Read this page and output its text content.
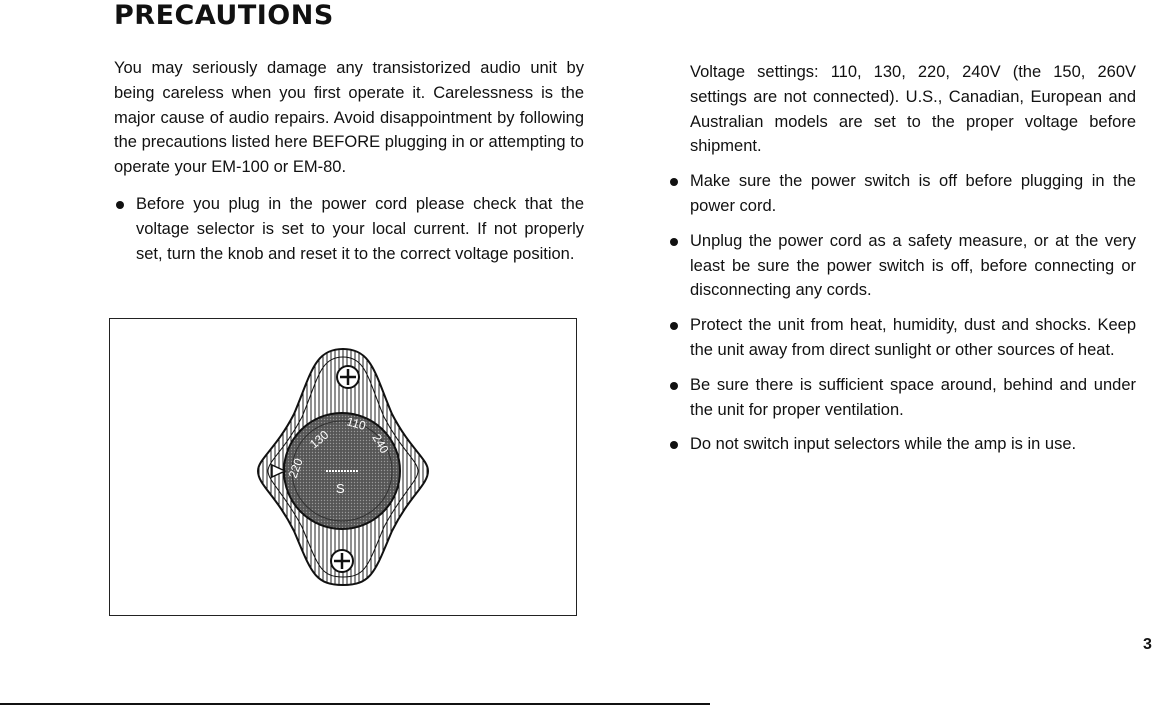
PRECAUTIONS

You may seriously damage any transistorized audio unit by being careless when you first operate it. Carelessness is the major cause of audio repairs. Avoid disappointment by following the precautions listed here BEFORE plugging in or attempting to operate your EM-100 or EM-80.

Before you plug in the power cord please check that the voltage selector is set to your local current. If not properly set, turn the knob and reset it to the correct voltage position.
110
240
220
130
S

Voltage settings: 110, 130, 220, 240V (the 150, 260V settings are not connected). U.S., Canadian, European and Australian models are set to the proper voltage before shipment.

Make sure the power switch is off before plugging in the power cord.
Unplug the power cord as a safety measure, or at the very least be sure the power switch is off, before connecting or disconnecting any cords.
Protect the unit from heat, humidity, dust and shocks. Keep the unit away from direct sunlight or other sources of heat.
Be sure there is sufficient space around, behind and under the unit for proper ventilation.
Do not switch input selectors while the amp is in use.

3
